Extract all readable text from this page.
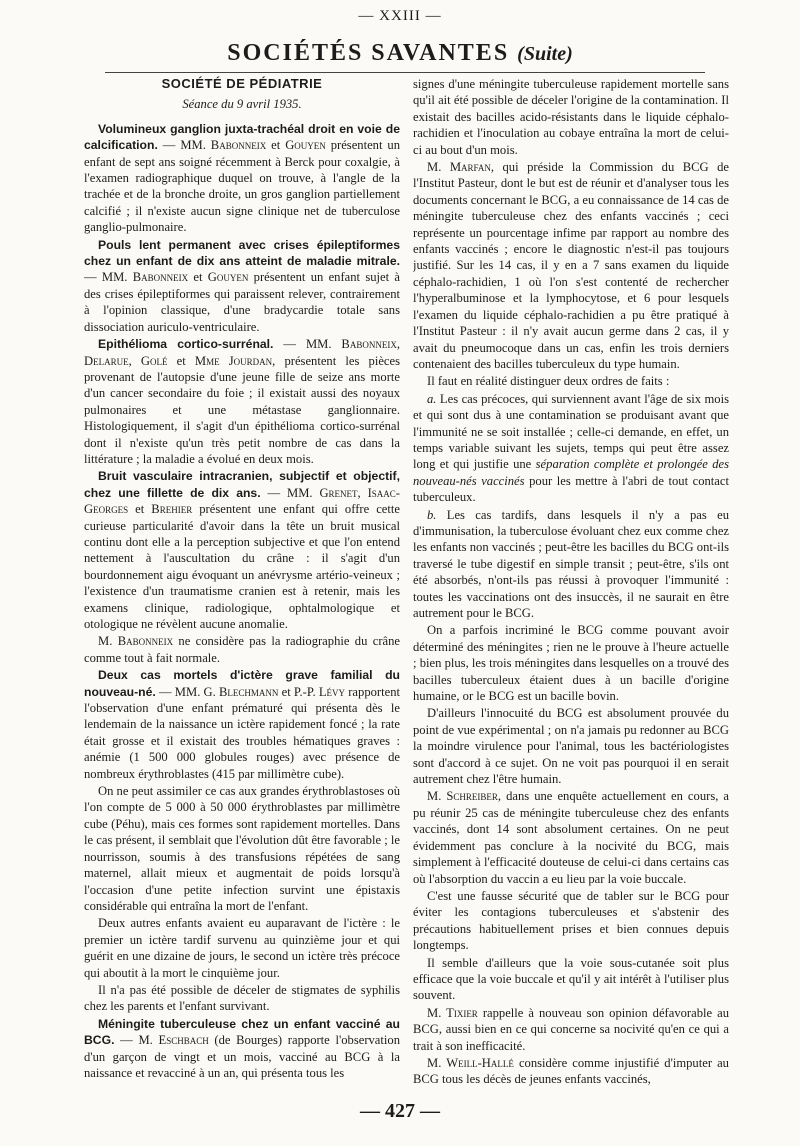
— XXIII —
SOCIÉTÉS SAVANTES (Suite)
SOCIÉTÉ DE PÉDIATRIE
Séance du 9 avril 1935.

Volumineux ganglion juxta-trachéal droit en voie de calcification. — MM. Babonneix et Gouyen présentent un enfant de sept ans soigné récemment à Berck pour coxalgie, à l'examen radiographique duquel on trouve, à l'angle de la trachée et de la bronche droite, un gros ganglion partiellement calcifié ; il n'existe aucun signe clinique net de tuberculose ganglio-pulmonaire.

Pouls lent permanent avec crises épileptiformes chez un enfant de dix ans atteint de maladie mitrale. — MM. Babonneix et Gouyen présentent un enfant sujet à des crises épileptiformes qui paraissent relever, contrairement à l'opinion classique, d'une bradycardie totale sans dissociation auriculo-ventriculaire.

Epithélioma cortico-surrénal. — MM. Babonneix, Delarue, Golé et Mme Jourdan, présentent les pièces provenant de l'autopsie d'une jeune fille de seize ans morte d'un cancer secondaire du foie ; il existait aussi des noyaux pulmonaires et une métastase ganglionnaire. Histologiquement, il s'agit d'un épithélioma cortico-surrénal dont il n'existe qu'un très petit nombre de cas dans la littérature ; la maladie a évolué en deux mois.

Bruit vasculaire intracranien, subjectif et objectif, chez une fillette de dix ans. — MM. Grenet, Isaac-Georges et Brehier présentent une enfant qui offre cette curieuse particularité d'avoir dans la tête un bruit musical continu dont elle a la perception subjective et que l'on entend nettement à l'auscultation du crâne : il s'agit d'un bourdonnement aigu évoquant un anévrysme artério-veineux ; l'existence d'un traumatisme cranien est à retenir, mais les examens clinique, radiologique, ophtalmologique et otologique ne révèlent aucune anomalie.

M. Babonneix ne considère pas la radiographie du crâne comme tout à fait normale.

Deux cas mortels d'ictère grave familial du nouveau-né. — MM. G. Blechmann et P.-P. Lévy rapportent l'observation d'une enfant prématuré qui présenta dès le lendemain de la naissance un ictère rapidement foncé ; la rate était grosse et il existait des troubles hématiques graves : anémie (1 500 000 globules rouges) avec présence de nombreux érythroblastes (415 par millimètre cube).

On ne peut assimiler ce cas aux grandes érythroblastoses où l'on compte de 5 000 à 50 000 érythroblastes par millimètre cube (Péhu), mais ces formes sont rapidement mortelles. Dans le cas présent, il semblait que l'évolution dût être favorable ; le nourrisson, soumis à des transfusions répétées de sang maternel, allait mieux et augmentait de poids lorsqu'à l'occasion d'une petite infection survint une épistaxis considérable qui entraîna la mort de l'enfant.

Deux autres enfants avaient eu auparavant de l'ictère : le premier un ictère tardif survenu au quinzième jour et qui guérit en une dizaine de jours, le second un ictère très précoce qui aboutit à la mort le cinquième jour.

Il n'a pas été possible de déceler de stigmates de syphilis chez les parents et l'enfant survivant.

Méningite tuberculeuse chez un enfant vacciné au BCG. — M. Eschbach (de Bourges) rapporte l'observation d'un garçon de vingt et un mois, vacciné au BCG à la naissance et revacciné à un an, qui présenta tous les

signes d'une méningite tuberculeuse rapidement mortelle sans qu'il ait été possible de déceler l'origine de la contamination. Il existait des bacilles acido-résistants dans le liquide céphalo-rachidien et l'inoculation au cobaye entraîna la mort de celui-ci au bout d'un mois.

M. Marfan, qui préside la Commission du BCG de l'Institut Pasteur, dont le but est de réunir et d'analyser tous les documents concernant le BCG, a eu connaissance de 14 cas de méningite tuberculeuse chez des enfants vaccinés ; ceci représente un pourcentage infime par rapport au nombre des enfants vaccinés ; encore le diagnostic n'est-il pas toujours justifié. Sur les 14 cas, il y en a 7 sans examen du liquide céphalo-rachidien, 1 où l'on s'est contenté de rechercher l'hyperalbuminose et la lymphocytose, et 6 pour lesquels l'examen du liquide céphalo-rachidien a pu être pratiqué à l'Institut Pasteur : il n'y avait aucun germe dans 2 cas, il y avait du pneumocoque dans un cas, enfin les trois derniers contenaient des bacilles tuberculeux du type humain.

Il faut en réalité distinguer deux ordres de faits :

a. Les cas précoces, qui surviennent avant l'âge de six mois et qui sont dus à une contamination se produisant avant que l'immunité ne se soit installée ; celle-ci demande, en effet, un temps variable suivant les sujets, temps qui peut être assez long et qui justifie une séparation complète et prolongée des nouveau-nés vaccinés pour les mettre à l'abri de tout contact tuberculeux.

b. Les cas tardifs, dans lesquels il n'y a pas eu d'immunisation, la tuberculose évoluant chez eux comme chez les enfants non vaccinés ; peut-être les bacilles du BCG ont-ils traversé le tube digestif en simple transit ; peut-être, s'ils ont été absorbés, n'ont-ils pas réussi à provoquer l'immunité : toutes les vaccinations ont des insuccès, il ne saurait en être autrement pour le BCG.

On a parfois incriminé le BCG comme pouvant avoir déterminé des méningites ; rien ne le prouve à l'heure actuelle ; bien plus, les trois méningites dans lesquelles on a trouvé des bacilles tuberculeux étaient dues à un bacille d'origine humaine, or le BCG est un bacille bovin.

D'ailleurs l'innocuité du BCG est absolument prouvée du point de vue expérimental ; on n'a jamais pu redonner au BCG la moindre virulence pour l'animal, tous les bactériologistes sont d'accord à ce sujet. On ne voit pas pourquoi il en serait autrement chez l'être humain.

M. Schreiber, dans une enquête actuellement en cours, a pu réunir 25 cas de méningite tuberculeuse chez des enfants vaccinés, dont 14 sont absolument certaines. On ne peut évidemment pas conclure à la nocivité du BCG, mais simplement à l'efficacité douteuse de celui-ci dans certains cas où l'absorption du vaccin a eu lieu par la voie buccale.

C'est une fausse sécurité que de tabler sur le BCG pour éviter les contagions tuberculeuses et s'abstenir des précautions habituellement prises et bien connues depuis longtemps.

Il semble d'ailleurs que la voie sous-cutanée soit plus efficace que la voie buccale et qu'il y ait intérêt à l'utiliser plus souvent.

M. Tixier rappelle à nouveau son opinion défavorable au BCG, aussi bien en ce qui concerne sa nocivité qu'en ce qui a trait à son inefficacité.

M. Weill-Hallé considère comme injustifié d'imputer au BCG tous les décès de jeunes enfants vaccinés,

— 427 —
